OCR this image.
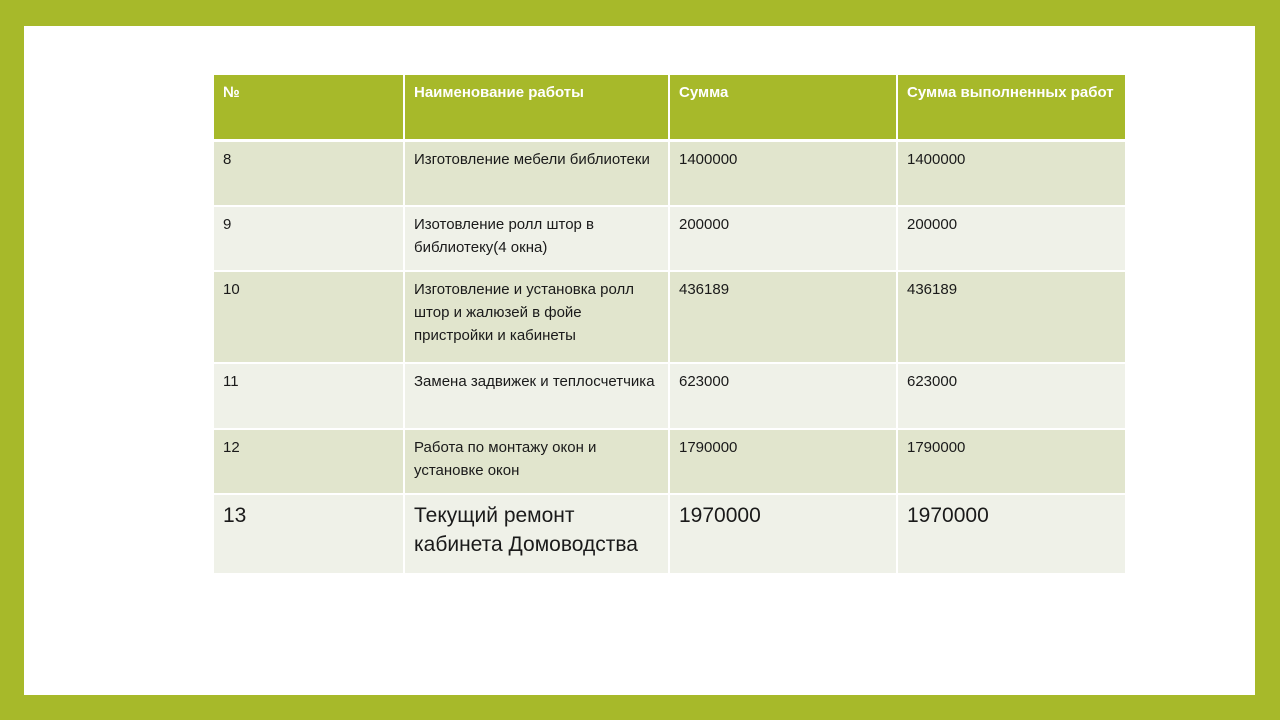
№	Наименование работы	Сумма	Сумма выполненных работ
8	Изготовление мебели библиотеки	1400000	1400000
9	Изотовление ролл штор в библиотеку(4 окна)	200000	200000
10	Изготовление и установка ролл штор и жалюзей в фойе пристройки и кабинеты	436189	436189
11	Замена задвижек и теплосчетчика	623000	623000
12	Работа по монтажу окон и установке окон	1790000	1790000
13	Текущий ремонт кабинета Домоводства	1970000	1970000
